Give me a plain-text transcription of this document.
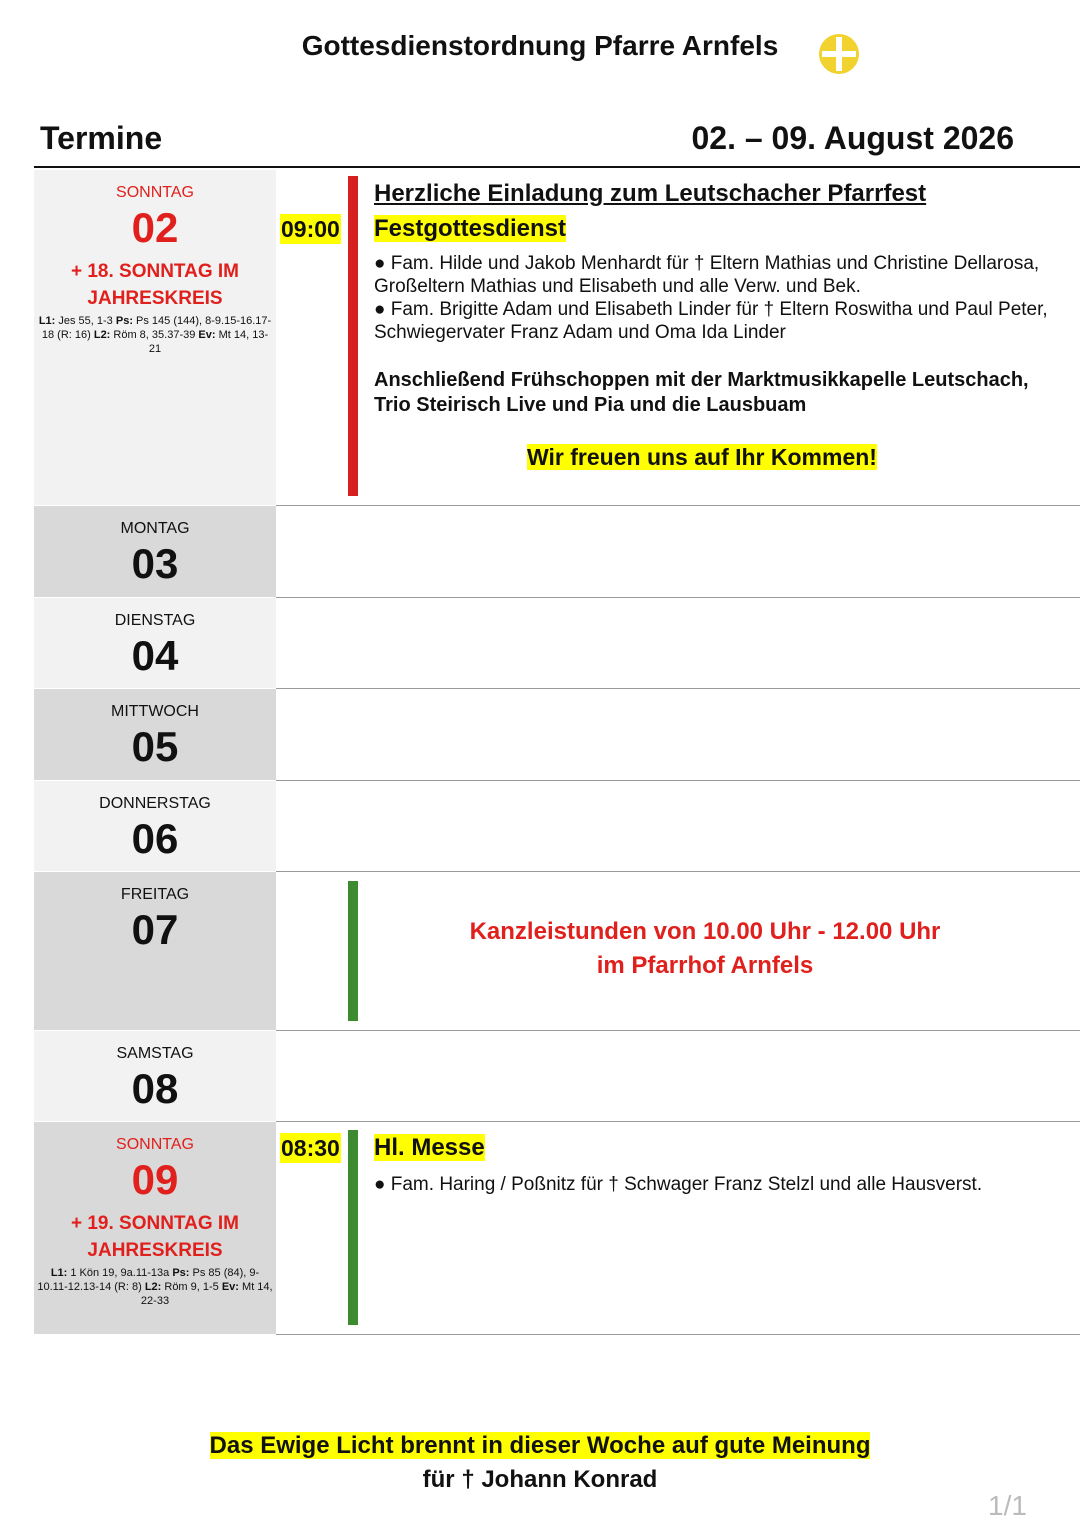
Gottesdienstordnung Pfarre Arnfels
Termine	02. – 09. August 2026
SONNTAG
02
+ 18. SONNTAG IM JAHRESKREIS
L1: Jes 55, 1-3 Ps: Ps 145 (144), 8-9.15-16.17-18 (R: 16) L2: Röm 8, 35.37-39 Ev: Mt 14, 13-21
Herzliche Einladung zum Leutschacher Pfarrfest
09:00 Festgottesdienst
● Fam. Hilde und Jakob Menhardt für † Eltern Mathias und Christine Dellarosa, Großeltern Mathias und Elisabeth und alle Verw. und Bek.
● Fam. Brigitte Adam und Elisabeth Linder für † Eltern Roswitha und Paul Peter, Schwiegervater Franz Adam und Oma Ida Linder
Anschließend Frühschoppen mit der Marktmusikkapelle Leutschach, Trio Steirisch Live und Pia und die Lausbuam
Wir freuen uns auf Ihr Kommen!
MONTAG
03
DIENSTAG
04
MITTWOCH
05
DONNERSTAG
06
FREITAG
07	Kanzleistunden von 10.00 Uhr - 12.00 Uhr
im Pfarrhof Arnfels
SAMSTAG
08
SONNTAG
09
+ 19. SONNTAG IM JAHRESKREIS
L1: 1 Kön 19, 9a.11-13a Ps: Ps 85 (84), 9-10.11-12.13-14 (R: 8) L2: Röm 9, 1-5 Ev: Mt 14, 22-33
08:30 Hl. Messe
● Fam. Haring / Poßnitz für † Schwager Franz Stelzl und alle Hausverst.
Das Ewige Licht brennt in dieser Woche auf gute Meinung
für † Johann Konrad
1/1
